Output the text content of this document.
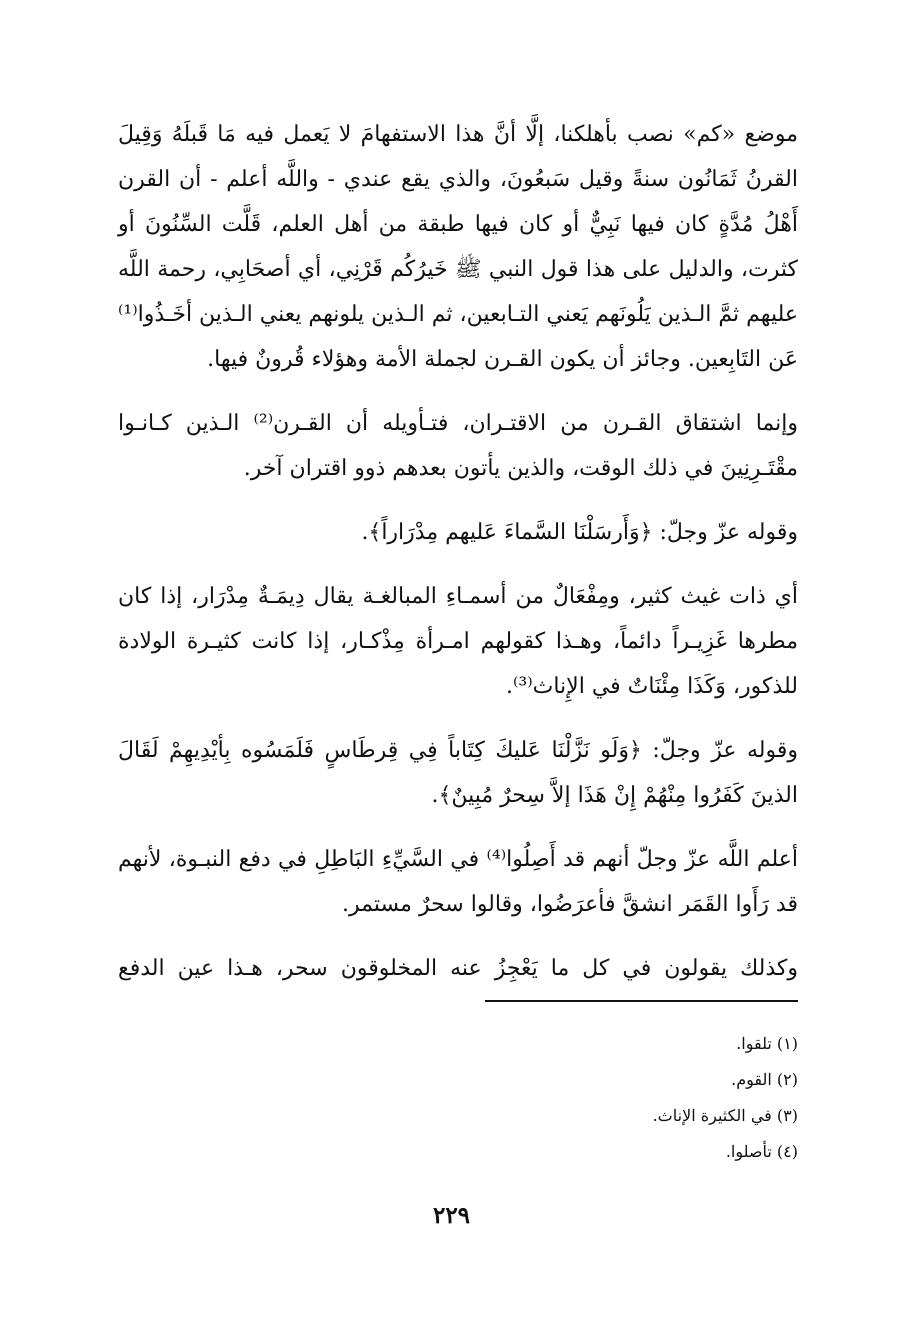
موضع «كم» نصب بأهلكنا، إلَّا أنَّ هذا الاستفهامَ لا يَعمل فيه مَا قَبلَهُ وَقِيلَ القرنُ ثَمَانُون سنةً وقيل سَبعُونَ، والذي يقع عندي - واللَّه أعلم - أن القرن أَهْلُ مُدَّةٍ كان فيها نَبِيٌّ أو كان فيها طبقة من أهل العلم، قَلَّت السِّنُونَ أو كثرت، والدليل على هذا قول النبي ﷺ خَيرُكُم قَرْنِي، أي أصحَابِي، رحمة اللَّه عليهم ثمَّ الـذين يَلُونَهم يَعني التـابعين، ثم الـذين يلونهم يعني الـذين أخَـذُوا⁽¹⁾ عَن التَابِعين. وجائز أن يكون القـرن لجملة الأمة وهؤلاء قُرونٌ فيها.

وإنما اشتقاق القـرن من الاقتـران، فتـأويله أن القـرن⁽²⁾ الـذين كـانـوا مقْتَـرِنِينَ في ذلك الوقت، والذين يأتون بعدهم ذوو اقتران آخر.

وقوله عزّ وجلّ: ﴿وَأَرسَلْنَا السَّماءَ عَليهم مِدْرَاراً﴾.

أي ذات غيث كثير، ومِفْعَالٌ من أسمـاءِ المبالغـة يقال دِيمَـةٌ مِدْرَار، إذا كان مطرها غَزِيـراً دائماً، وهـذا كقولهم امـرأة مِذْكـار، إذا كانت كثيـرة الولادة للذكور، وَكَذَا مِئْنَاتٌ في الإِناث⁽³⁾.

وقوله عزّ وجلّ: ﴿وَلَو نَزَّلْنَا عَليكَ كِتَاباً فِي قِرطَاسٍ فَلَمَسُوه بِأيْدِيهِمْ لَقَالَ الذينَ كَفَرُوا مِنْهُمْ إِنْ هَذَا إلاَّ سِحرٌ مُبِينٌ﴾.

أعلم اللَّه عزّ وجلّ أنهم قد أَصِلُوا⁽⁴⁾ في السَّيِّءِ البَاطِلِ في دفع النبـوة، لأنهم قد رَأَوا القَمَر انشقَّ فأعرَضُوا، وقالوا سحرٌ مستمر.

وكذلك يقولون في كل ما يَعْجِزُ عنه المخلوقون سحر، هـذا عين الدفع

(١) تلقوا.

(٢) القوم.

(٣) في الكثيرة الإناث.

(٤) تأصلوا.

٢٢٩
